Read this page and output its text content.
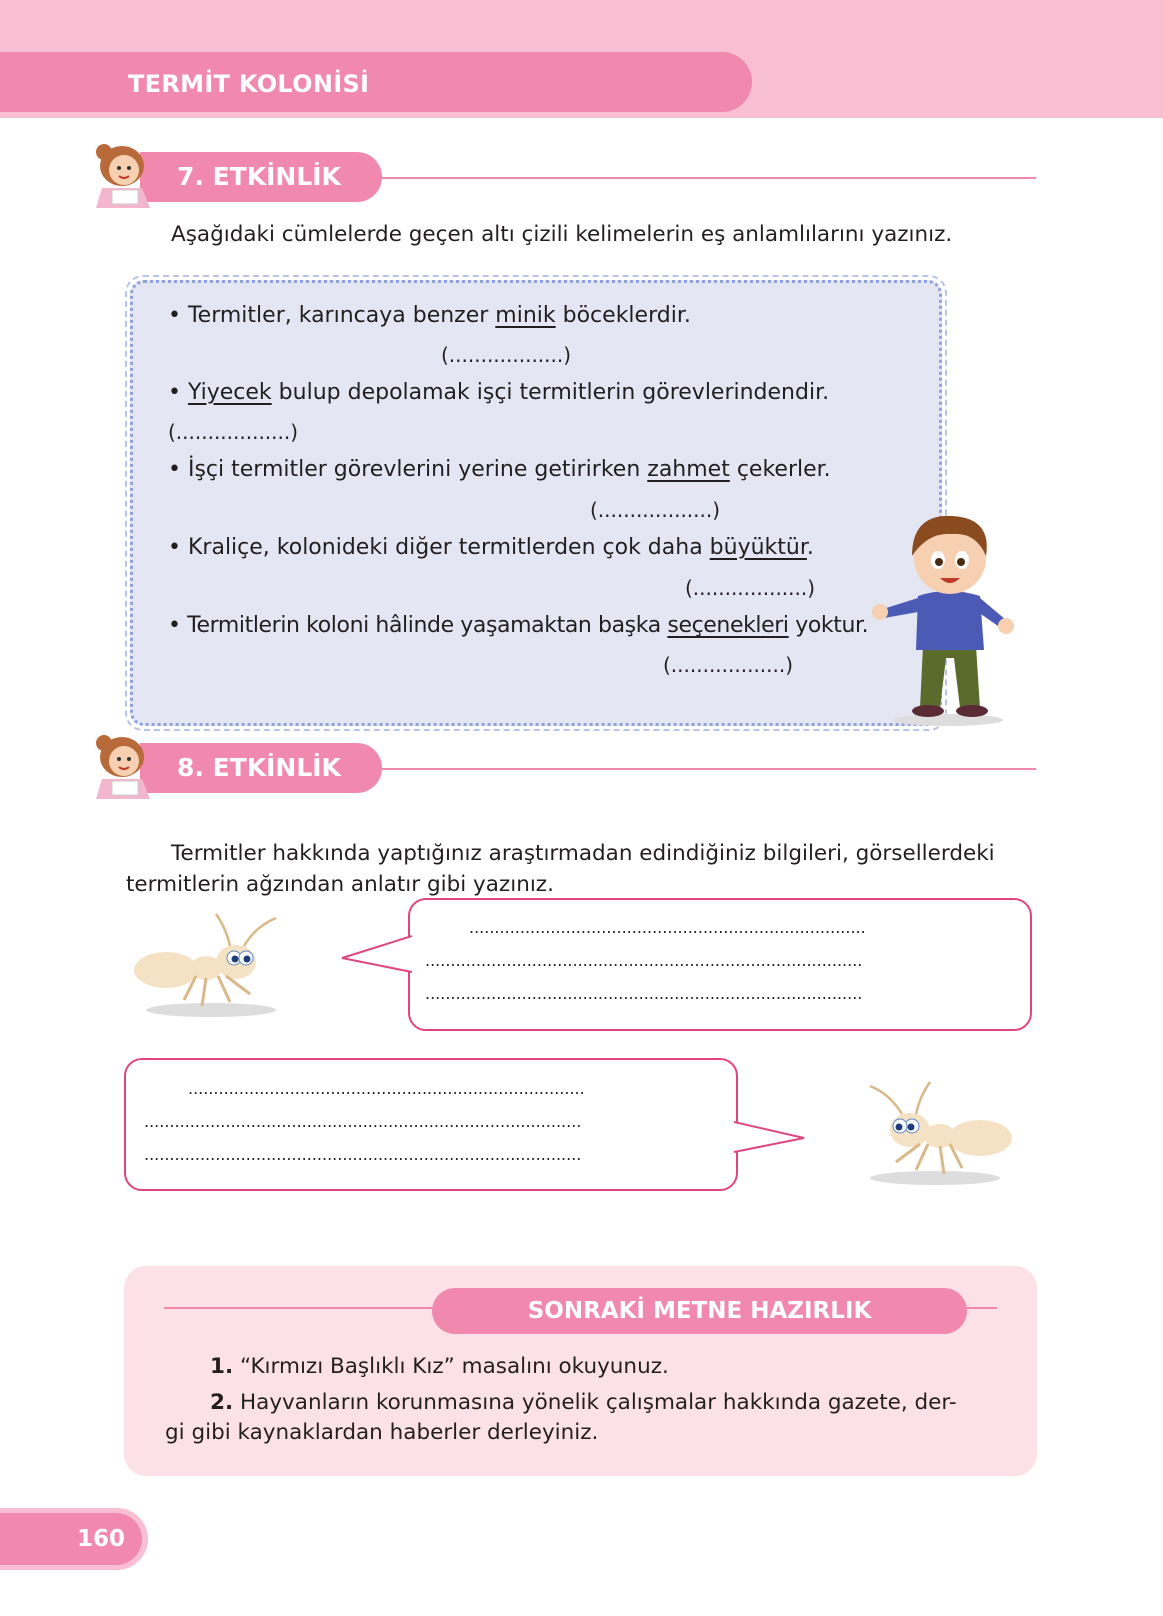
TERMİT KOLONİSİ
7. ETKİNLİK
Aşağıdaki cümlelerde geçen altı çizili kelimelerin eş anlamlılarını yazınız.
• Termitler, karıncaya benzer minik böceklerdir.
(..................)
• Yiyecek bulup depolamak işçi termitlerin görevlerindendir.
(..................)
• İşçi termitler görevlerini yerine getirirken zahmet çekerler.
(..................)
• Kraliçe, kolonideki diğer termitlerden çok daha büyüktür.
(..................)
• Termitlerin koloni hâlinde yaşamaktan başka seçenekleri yoktur.
(..................)
8. ETKİNLİK
Termitler hakkında yaptığınız araştırmadan edindiğiniz bilgileri, görsellerdeki
termitlerin ağzından anlatır gibi yazınız.
..............................................................................
......................................................................................
......................................................................................
..............................................................................
......................................................................................
......................................................................................
SONRAKİ METNE HAZIRLIK
1. “Kırmızı Başlıklı Kız” masalını okuyunuz.
2. Hayvanların korunmasına yönelik çalışmalar hakkında gazete, der-
gi gibi kaynaklardan haberler derleyiniz.
160
